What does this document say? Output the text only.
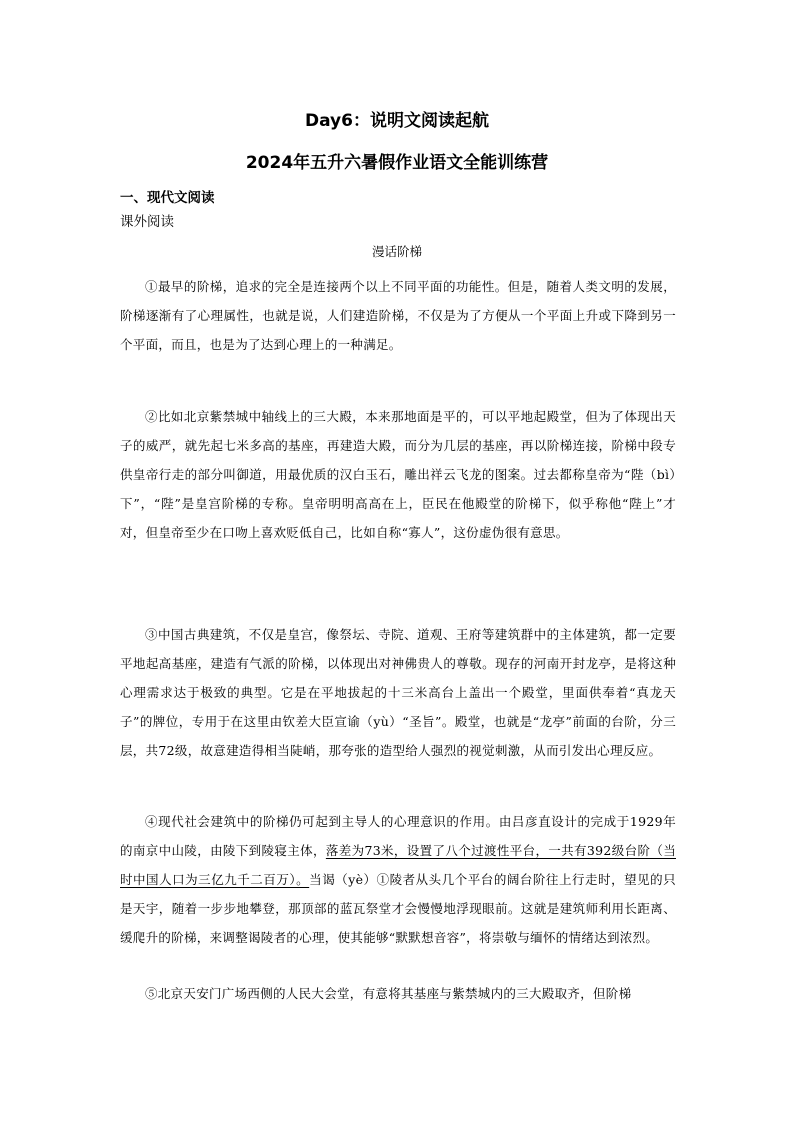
Day6：说明文阅读起航
2024年五升六暑假作业语文全能训练营
一、现代文阅读
课外阅读
漫话阶梯
①最早的阶梯，追求的完全是连接两个以上不同平面的功能性。但是，随着人类文明的发展，阶梯逐渐有了心理属性，也就是说，人们建造阶梯，不仅是为了方便从一个平面上升或下降到另一个平面，而且，也是为了达到心理上的一种满足。
②比如北京紫禁城中轴线上的三大殿，本来那地面是平的，可以平地起殿堂，但为了体现出天子的威严，就先起七米多高的基座，再建造大殿，而分为几层的基座，再以阶梯连接，阶梯中段专供皇帝行走的部分叫御道，用最优质的汉白玉石，雕出祥云飞龙的图案。过去都称皇帝为“陛（bì）下”，“陛”是皇宫阶梯的专称。皇帝明明高高在上，臣民在他殿堂的阶梯下，似乎称他“陛上”才对，但皇帝至少在口吻上喜欢贬低自己，比如自称“寡人”，这份虚伪很有意思。
③中国古典建筑，不仅是皇宫，像祭坛、寺院、道观、王府等建筑群中的主体建筑，都一定要平地起高基座，建造有气派的阶梯，以体现出对神佛贵人的尊敬。现存的河南开封龙亭，是将这种心理需求达于极致的典型。它是在平地拔起的十三米高台上盖出一个殿堂，里面供奉着“真龙天子”的牌位，专用于在这里由钦差大臣宣谕（yù）“圣旨”。殿堂，也就是“龙亭”前面的台阶，分三层，共72级，故意建造得相当陡峭，那夸张的造型给人强烈的视觉刺激，从而引发出心理反应。
④现代社会建筑中的阶梯仍可起到主导人的心理意识的作用。由吕彦直设计的完成于1929年的南京中山陵，由陵下到陵寝主体，落差为73米，设置了八个过渡性平台，一共有392级台阶（当时中国人口为三亿九千二百万）。当谒（yè）①陵者从头几个平台的阔台阶往上行走时，望见的只是天宇，随着一步步地攀登，那顶部的蓝瓦祭堂才会慢慢地浮现眼前。这就是建筑师利用长距离、缓爬升的阶梯，来调整谒陵者的心理，使其能够“默默想音容”，将崇敬与缅怀的情绪达到浓烈。
⑤北京天安门广场西侧的人民大会堂，有意将其基座与紫禁城内的三大殿取齐，但阶梯
